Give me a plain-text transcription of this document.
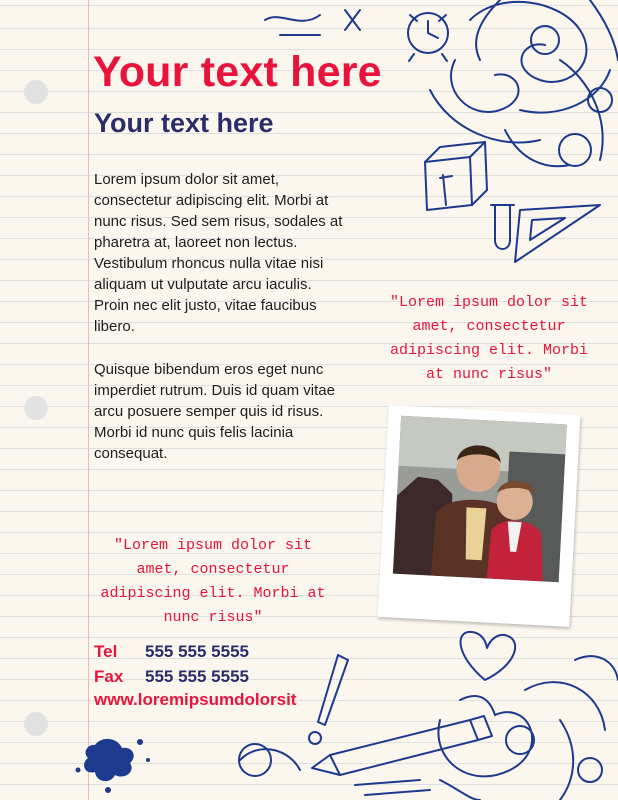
Your text here
Your text here

Lorem ipsum dolor sit amet, consectetur adipiscing elit. Morbi at nunc risus. Sed sem risus, sodales at pharetra at, laoreet non lectus. Vestibulum rhoncus nulla vitae nisi aliquam ut vulputate arcu iaculis. Proin nec elit justo, vitae faucibus libero.

Quisque bibendum eros eget nunc imperdiet rutrum. Duis id quam vitae arcu posuere semper quis id risus. Morbi id nunc quis felis lacinia consequat.

"Lorem ipsum dolor sit amet, consectetur adipiscing elit. Morbi at nunc risus"

"Lorem ipsum dolor sit amet, consectetur adipiscing elit. Morbi at nunc risus"

Tel	555 555 5555
Fax	555 555 5555

www.loremipsumdolorsit
